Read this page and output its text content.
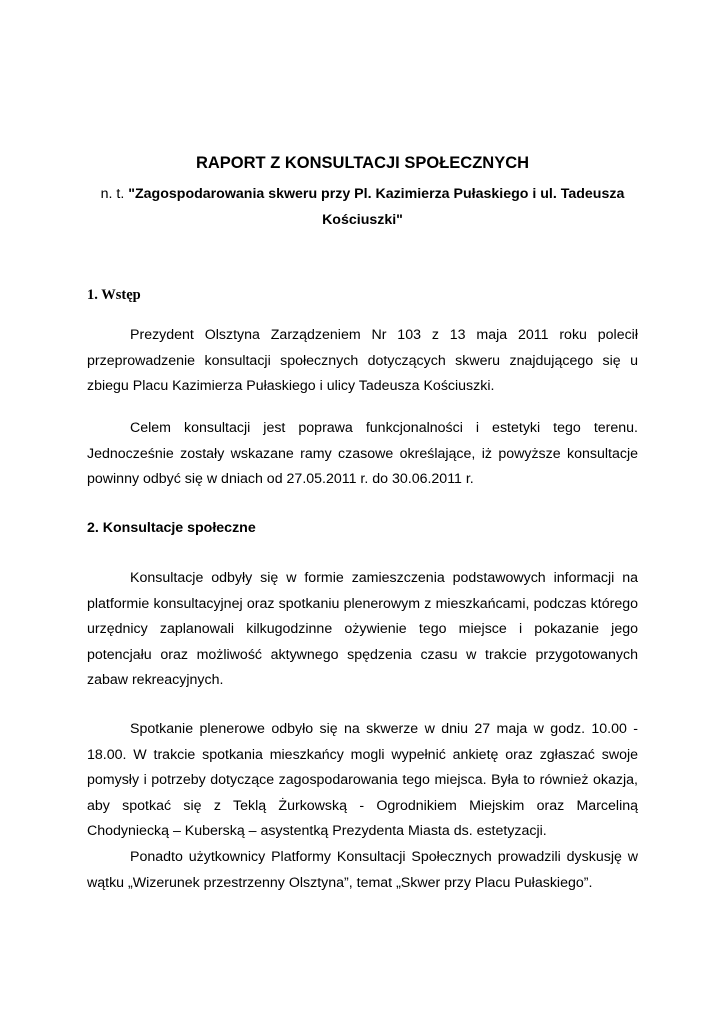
RAPORT Z KONSULTACJI SPOŁECZNYCH

n. t. "Zagospodarowania skweru przy Pl. Kazimierza Pułaskiego i ul. Tadeusza Kościuszki"

1. Wstęp

Prezydent Olsztyna Zarządzeniem Nr 103 z 13 maja 2011 roku polecił przeprowadzenie konsultacji społecznych dotyczących skweru znajdującego się u zbiegu Placu Kazimierza Pułaskiego i ulicy Tadeusza Kościuszki.

Celem konsultacji jest poprawa funkcjonalności i estetyki tego terenu. Jednocześnie zostały wskazane ramy czasowe określające, iż powyższe konsultacje powinny odbyć się w dniach od 27.05.2011 r. do 30.06.2011 r.

2. Konsultacje społeczne

Konsultacje odbyły się w formie zamieszczenia podstawowych informacji na platformie konsultacyjnej oraz spotkaniu plenerowym z mieszkańcami, podczas którego urzędnicy zaplanowali kilkugodzinne ożywienie tego miejsce i pokazanie jego potencjału oraz możliwość aktywnego spędzenia czasu w trakcie przygotowanych zabaw rekreacyjnych.

Spotkanie plenerowe odbyło się na skwerze w dniu 27 maja w godz. 10.00 - 18.00. W trakcie spotkania mieszkańcy mogli wypełnić ankietę oraz zgłaszać swoje pomysły i potrzeby dotyczące zagospodarowania tego miejsca. Była to również okazja, aby spotkać się z Teklą Żurkowską - Ogrodnikiem Miejskim oraz Marceliną Chodyniecką – Kuberską – asystentką Prezydenta Miasta ds. estetyzacji.

Ponadto użytkownicy Platformy Konsultacji Społecznych prowadzili dyskusję w wątku „Wizerunek przestrzenny Olsztyna”, temat „Skwer przy Placu Pułaskiego”.
